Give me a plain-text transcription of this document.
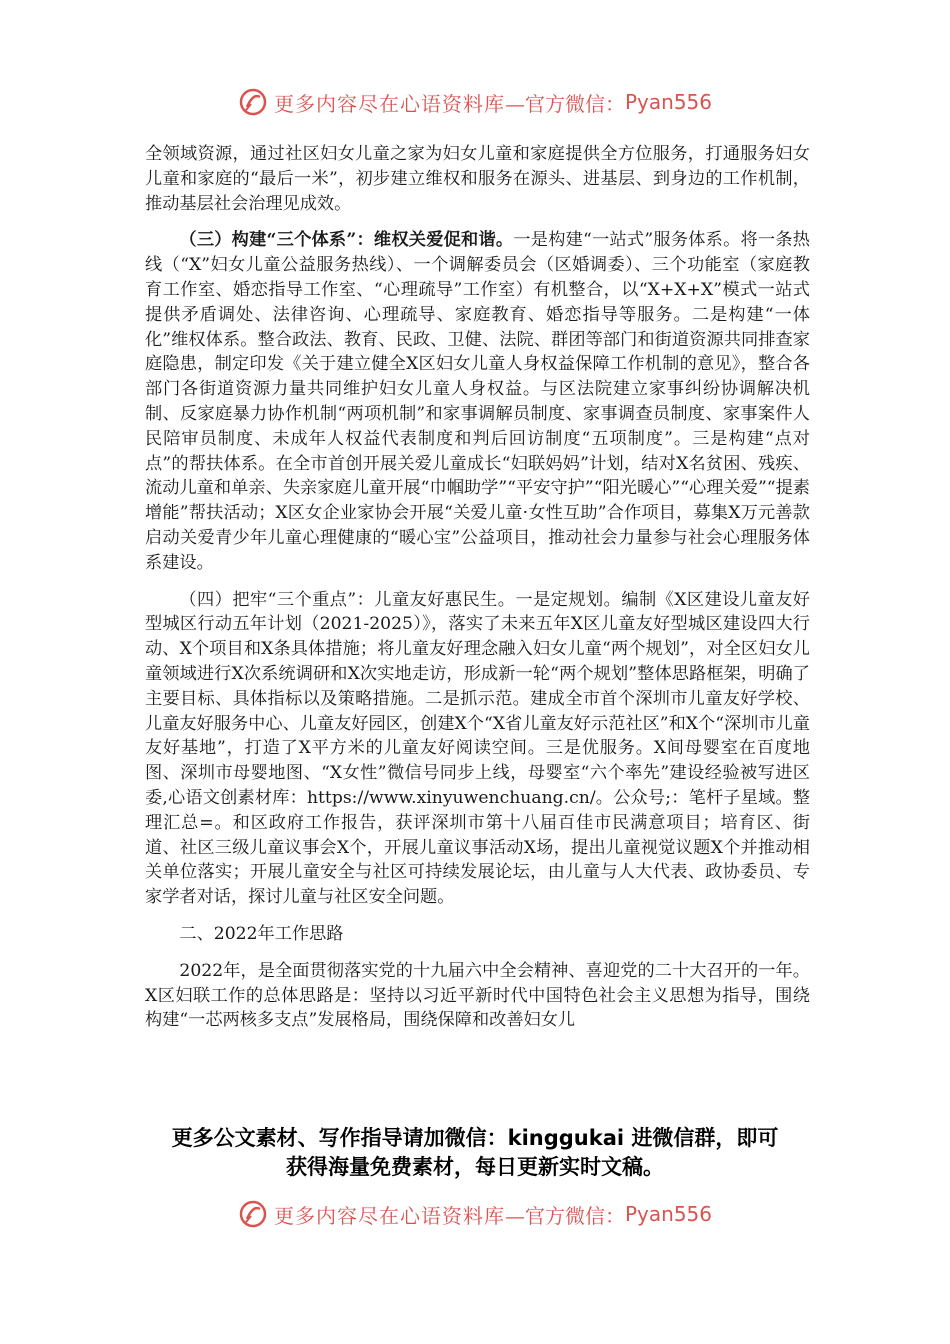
更多内容尽在心语资料库 —官方微信： Pyan556

全领域资源，通过社区妇女儿童之家为妇女儿童和家庭提供全方位服务，打通服务妇女儿童和家庭的“最后一米”，初步建立维权和服务在源头、进基层、到身边的工作机制，推动基层社会治理见成效。

（三）构建“三个体系”：维权关爱促和谐。一是构建“一站式”服务体系。将一条热线（“X”妇女儿童公益服务热线）、一个调解委员会（区婚调委）、三个功能室（家庭教育工作室、婚恋指导工作室、“心理疏导”工作室）有机整合，以“X+X+X”模式一站式提供矛盾调处、法律咨询、心理疏导、家庭教育、婚恋指导等服务。二是构建“一体化”维权体系。整合政法、教育、民政、卫健、法院、群团等部门和街道资源共同排查家庭隐患，制定印发《关于建立健全X区妇女儿童人身权益保障工作机制的意见》，整合各部门各街道资源力量共同维护妇女儿童人身权益。与区法院建立家事纠纷协调解决机制、反家庭暴力协作机制“两项机制”和家事调解员制度、家事调查员制度、家事案件人民陪审员制度、未成年人权益代表制度和判后回访制度“五项制度”。三是构建“点对点”的帮扶体系。在全市首创开展关爱儿童成长“妇联妈妈”计划，结对X名贫困、残疾、流动儿童和单亲、失亲家庭儿童开展“巾帼助学”“平安守护”“阳光暖心”“心理关爱”“提素增能”帮扶活动；X区女企业家协会开展“关爱儿童·女性互助”合作项目，募集X万元善款启动关爱青少年儿童心理健康的“暖心宝”公益项目，推动社会力量参与社会心理服务体系建设。

（四）把牢“三个重点”：儿童友好惠民生。一是定规划。编制《X区建设儿童友好型城区行动五年计划（2021-2025）》，落实了未来五年X区儿童友好型城区建设四大行动、X个项目和X条具体措施；将儿童友好理念融入妇女儿童“两个规划”，对全区妇女儿童领域进行X次系统调研和X次实地走访，形成新一轮“两个规划”整体思路框架，明确了主要目标、具体指标以及策略措施。二是抓示范。建成全市首个深圳市儿童友好学校、儿童友好服务中心、儿童友好园区，创建X个“X省儿童友好示范社区”和X个“深圳市儿童友好基地”，打造了X平方米的儿童友好阅读空间。三是优服务。X间母婴室在百度地图、深圳市母婴地图、“X女性”微信号同步上线，母婴室“六个率先”建设经验被写进区委,心语文创素材库：https://www.xinyuwenchuang.cn/。公众号;：笔杆子星域。整理汇总=。和区政府工作报告，获评深圳市第十八届百佳市民满意项目；培育区、街道、社区三级儿童议事会X个，开展儿童议事活动X场，提出儿童视觉议题X个并推动相关单位落实；开展儿童安全与社区可持续发展论坛，由儿童与人大代表、政协委员、专家学者对话，探讨儿童与社区安全问题。

二、2022年工作思路

2022年，是全面贯彻落实党的十九届六中全会精神、喜迎党的二十大召开的一年。X区妇联工作的总体思路是：坚持以习近平新时代中国特色社会主义思想为指导，围绕构建“一芯两核多支点”发展格局，围绕保障和改善妇女儿

更多公文素材、写作指导请加微信：kinggukai 进微信群，即可
获得海量免费素材，每日更新实时文稿。
更多内容尽在心语资料库 —官方微信： Pyan556
